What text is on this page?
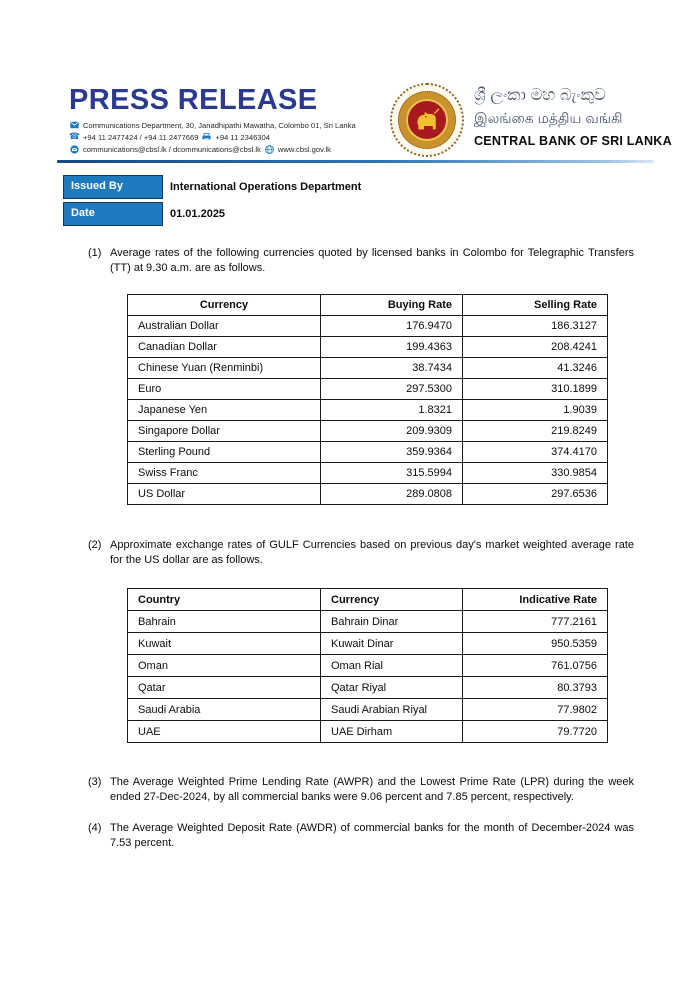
PRESS RELEASE
Communications Department, 30, Janadhipathi Mawatha, Colombo 01, Sri Lanka
☎ +94 11 2477424 / +94 11 2477669 +94 11 2346304
communications@cbsl.lk / dcommunications@cbsl.lk www.cbsl.gov.lk
ශ්‍රී ලංකා මහ බැංකුව
இலங்கை மத்திய வங்கி
CENTRAL BANK OF SRI LANKA
Issued By	International Operations Department
Date	01.01.2025
(1) Average rates of the following currencies quoted by licensed banks in Colombo for Telegraphic Transfers (TT) at 9.30 a.m. are as follows.
Currency	Buying Rate	Selling Rate
Australian Dollar	176.9470	186.3127
Canadian Dollar	199.4363	208.4241
Chinese Yuan (Renminbi)	38.7434	41.3246
Euro	297.5300	310.1899
Japanese Yen	1.8321	1.9039
Singapore Dollar	209.9309	219.8249
Sterling Pound	359.9364	374.4170
Swiss Franc	315.5994	330.9854
US Dollar	289.0808	297.6536
(2) Approximate exchange rates of GULF Currencies based on previous day's market weighted average rate for the US dollar are as follows.
Country	Currency	Indicative Rate
Bahrain	Bahrain Dinar	777.2161
Kuwait	Kuwait Dinar	950.5359
Oman	Oman Rial	761.0756
Qatar	Qatar Riyal	80.3793
Saudi Arabia	Saudi Arabian Riyal	77.9802
UAE	UAE Dirham	79.7720
(3) The Average Weighted Prime Lending Rate (AWPR) and the Lowest Prime Rate (LPR) during the week ended 27-Dec-2024, by all commercial banks were 9.06 percent and 7.85 percent, respectively.
(4) The Average Weighted Deposit Rate (AWDR) of commercial banks for the month of December-2024 was 7.53 percent.
